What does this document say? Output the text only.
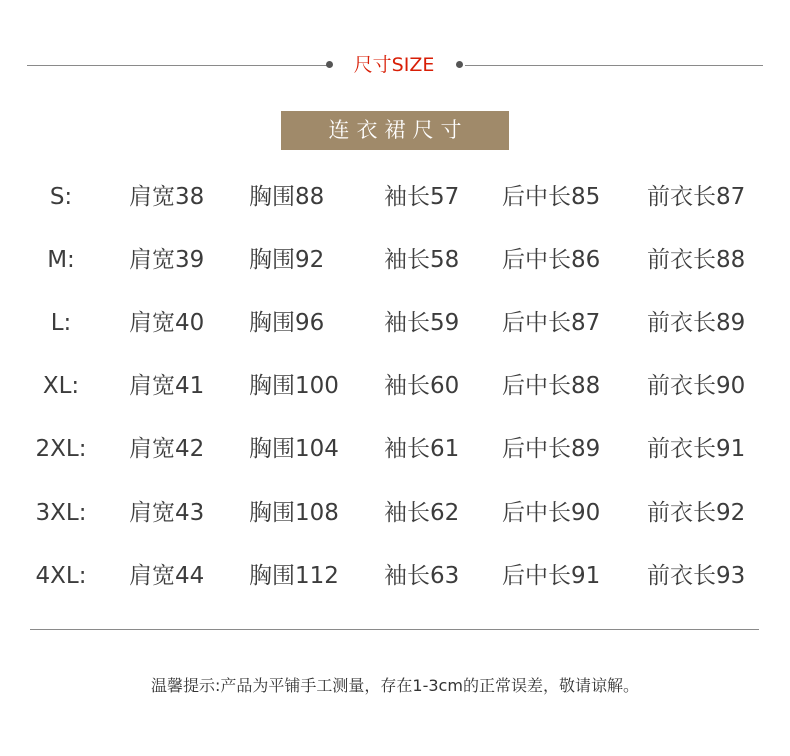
尺寸SIZE
连衣裙尺寸
S:	肩宽38 胸围88	袖长57 后中长85 前衣长87
M:	肩宽39 胸围92	袖长58 后中长86 前衣长88
L:	肩宽40 胸围96	袖长59 后中长87 前衣长89
XL:	肩宽41 胸围100 袖长60 后中长88 前衣长90
2XL:	肩宽42 胸围104 袖长61 后中长89 前衣长91
3XL:	肩宽43 胸围108 袖长62 后中长90 前衣长92
4XL:	肩宽44 胸围112 袖长63 后中长91 前衣长93
温馨提示:产品为平铺手工测量，存在1-3cm的正常误差，敬请谅解。
